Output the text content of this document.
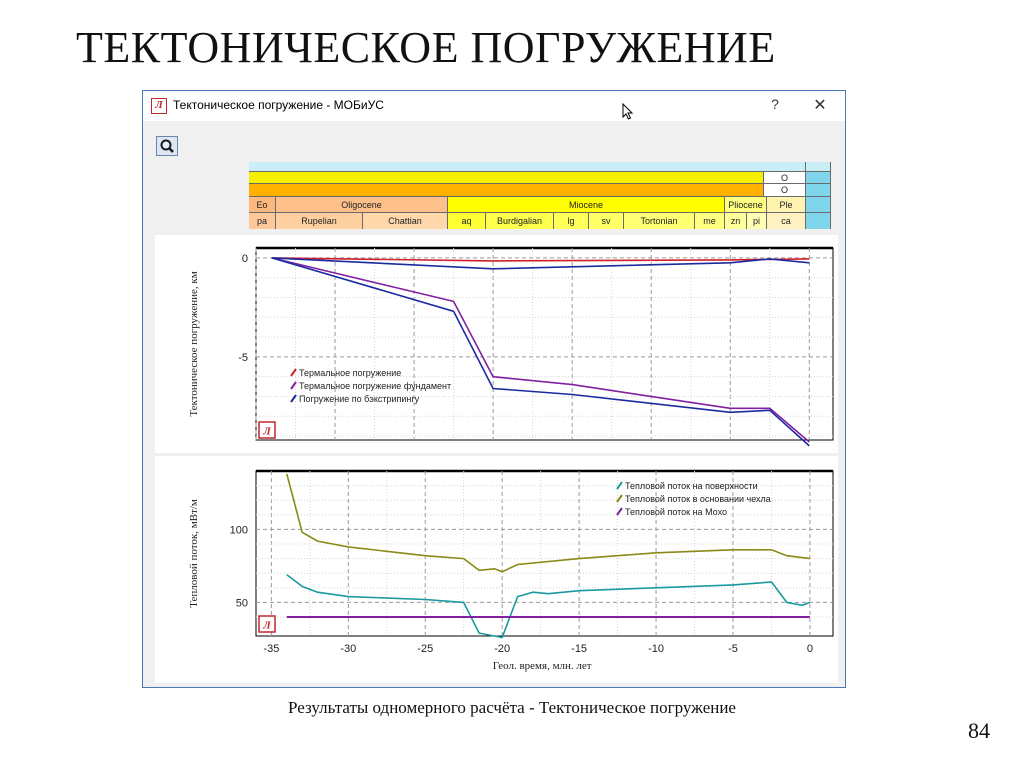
ТЕКТОНИЧЕСКОЕ ПОГРУЖЕНИЕ
Л Тектоническое погружение - МОБиУС	? ✕
O
O
Eo	Oligocene	Miocene	Pliocene	Ple
pa	Rupelian	Chattian	aq	Burdigalian	lg	sv	Tortonian	me	zn	pi	ca
0
-5
Термальное погружение
Термальное погружение фундамент
Погружение по бэкстрипингу
Тектоническое погружение, км
Л
100
50
-35	-30	-25	-20	-15	-10	-5	0
Тепловой поток на поверхности
Тепловой поток в основании чехла
Тепловой поток на Мохо
Тепловой поток, мВт/м
Геол. время, млн. лет
Л
Результаты одномерного расчёта - Тектоническое погружение
84
